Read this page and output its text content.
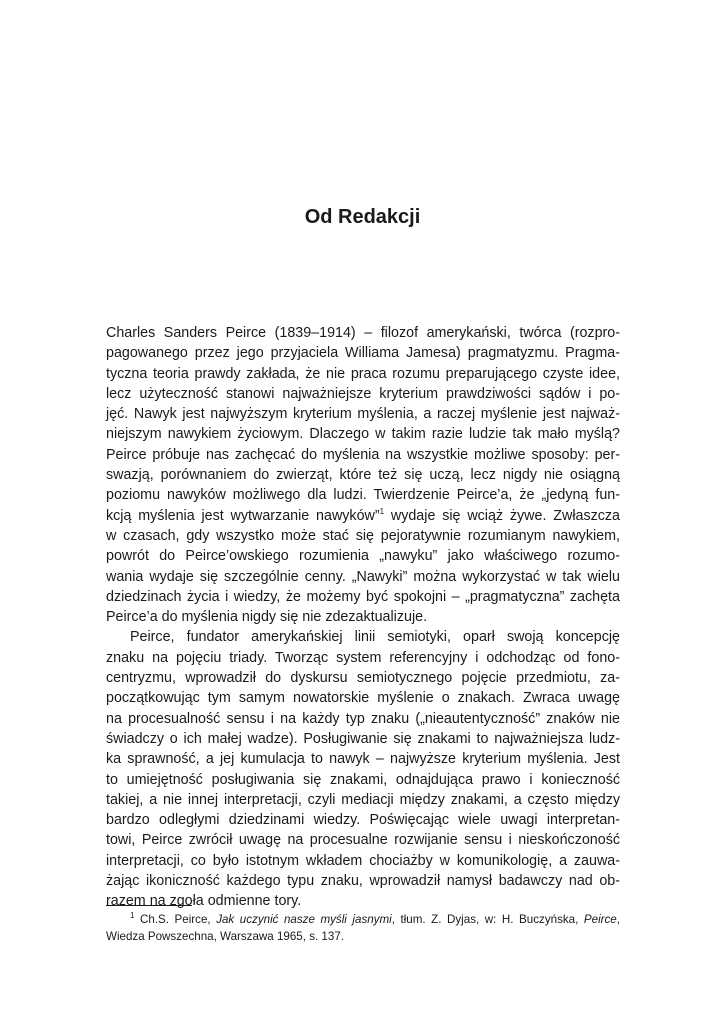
Od Redakcji
Charles Sanders Peirce (1839–1914) – filozof amerykański, twórca (rozpro-
pagowanego przez jego przyjaciela Williama Jamesa) pragmatyzmu. Pragma-
tyczna teoria prawdy zakłada, że nie praca rozumu preparującego czyste idee,
lecz użyteczność stanowi najważniejsze kryterium prawdziwości sądów i po-
jęć. Nawyk jest najwyższym kryterium myślenia, a raczej myślenie jest najważ-
niejszym nawykiem życiowym. Dlaczego w takim razie ludzie tak mało myślą?
Peirce próbuje nas zachęcać do myślenia na wszystkie możliwe sposoby: per-
swazją, porównaniem do zwierząt, które też się uczą, lecz nigdy nie osiągną
poziomu nawyków możliwego dla ludzi. Twierdzenie Peirce’a, że „jedyną fun-
kcją myślenia jest wytwarzanie nawyków”$^1$ wydaje się wciąż żywe. Zwłaszcza
w czasach, gdy wszystko może stać się pejoratywnie rozumianym nawykiem,
powrót do Peirce’owskiego rozumienia „nawyku” jako właściwego rozumo-
wania wydaje się szczególnie cenny. „Nawyki” można wykorzystać w tak wielu
dziedzinach życia i wiedzy, że możemy być spokojni – „pragmatyczna” zachęta
Peirce’a do myślenia nigdy się nie zdezaktualizuje.
Peirce, fundator amerykańskiej linii semiotyki, oparł swoją koncepcję
znaku na pojęciu triady. Tworząc system referencyjny i odchodząc od fono-
centryzmu, wprowadził do dyskursu semiotycznego pojęcie przedmiotu, za-
początkowując tym samym nowatorskie myślenie o znakach. Zwraca uwagę
na procesualność sensu i na każdy typ znaku („nieautentyczność” znaków nie
świadczy o ich małej wadze). Posługiwanie się znakami to najważniejsza ludz-
ka sprawność, a jej kumulacja to nawyk – najwyższe kryterium myślenia. Jest
to umiejętność posługiwania się znakami, odnajdująca prawo i konieczność
takiej, a nie innej interpretacji, czyli mediacji między znakami, a często między
bardzo odległymi dziedzinami wiedzy. Poświęcając wiele uwagi interpretan-
towi, Peirce zwrócił uwagę na procesualne rozwijanie sensu i nieskończoność
interpretacji, co było istotnym wkładem chociażby w komunikologię, a zauwa-
żając ikoniczność każdego typu znaku, wprowadził namysł badawczy nad ob-
razem na zgoła odmienne tory.
$^1$ Ch.S. Peirce, Jak uczynić nasze myśli jasnymi, tłum. Z. Dyjas, w: H. Buczyńska, Peirce,
Wiedza Powszechna, Warszawa 1965, s. 137.
